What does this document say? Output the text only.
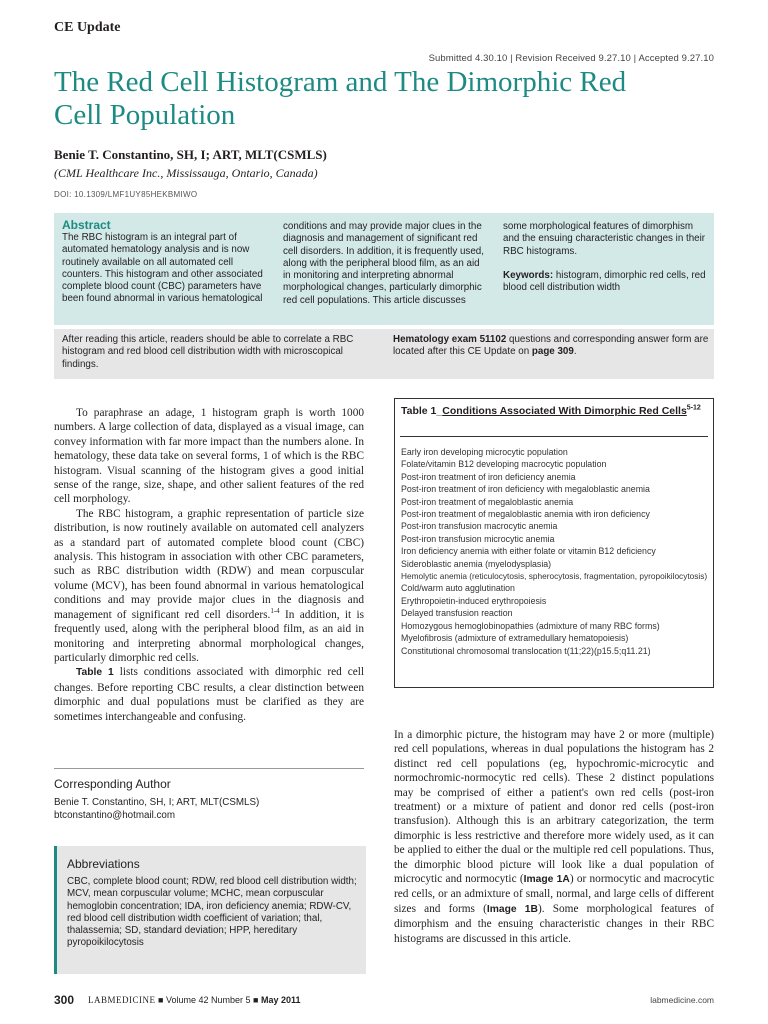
CE Update
Submitted 4.30.10 | Revision Received 9.27.10 | Accepted 9.27.10
The Red Cell Histogram and The Dimorphic Red Cell Population
Benie T. Constantino, SH, I; ART, MLT(CSMLS)
(CML Healthcare Inc., Mississauga, Ontario, Canada)
DOI: 10.1309/LMF1UY85HEKBMIWO
Abstract
The RBC histogram is an integral part of automated hematology analysis and is now routinely available on all automated cell counters. This histogram and other associated complete blood count (CBC) parameters have been found abnormal in various hematological
conditions and may provide major clues in the diagnosis and management of significant red cell disorders. In addition, it is frequently used, along with the peripheral blood film, as an aid in monitoring and interpreting abnormal morphological changes, particularly dimorphic red cell populations. This article discusses
some morphological features of dimorphism and the ensuing characteristic changes in their RBC histograms.
Keywords: histogram, dimorphic red cells, red blood cell distribution width
After reading this article, readers should be able to correlate a RBC histogram and red blood cell distribution width with microscopical findings.
Hematology exam 51102 questions and corresponding answer form are located after this CE Update on page 309.

To paraphrase an adage, 1 histogram graph is worth 1000 numbers. A large collection of data, displayed as a visual image, can convey information with far more impact than the numbers alone. In hematology, these data take on several forms, 1 of which is the RBC histogram. Visual scanning of the histogram gives a good initial sense of the range, size, shape, and other salient features of the red cell morphology.

The RBC histogram, a graphic representation of particle size distribution, is now routinely available on automated cell analyzers as a standard part of automated complete blood count (CBC) analysis. This histogram in association with other CBC parameters, such as RBC distribution width (RDW) and mean corpuscular volume (MCV), has been found abnormal in various hematological conditions and may provide major clues in the diagnosis and management of significant red cell disorders.$^{1-4}$ In addition, it is frequently used, along with the peripheral blood film, as an aid in monitoring and interpreting abnormal morphological changes, particularly dimorphic red cells.

Table 1 lists conditions associated with dimorphic red cell changes. Before reporting CBC results, a clear distinction between dimorphic and dual populations must be clarified as they are sometimes interchangeable and confusing.

Table 1_Conditions Associated With Dimorphic Red Cells$^{5-12}$
Early iron developing microcytic population
Folate/vitamin B12 developing macrocytic population
Post-iron treatment of iron deficiency anemia
Post-iron treatment of iron deficiency with megaloblastic anemia
Post-iron treatment of megaloblastic anemia
Post-iron treatment of megaloblastic anemia with iron deficiency
Post-iron transfusion macrocytic anemia
Post-iron transfusion microcytic anemia
Iron deficiency anemia with either folate or vitamin B12 deficiency
Sideroblastic anemia (myelodysplasia)
Hemolytic anemia (reticulocytosis, spherocytosis, fragmentation, pyropoikilocytosis)
Cold/warm auto agglutination
Erythropoietin-induced erythropoiesis
Delayed transfusion reaction
Homozygous hemoglobinopathies (admixture of many RBC forms)
Myelofibrosis (admixture of extramedullary hematopoiesis)
Constitutional chromosomal translocation t(11;22)(p15.5;q11.21)

In a dimorphic picture, the histogram may have 2 or more (multiple) red cell populations, whereas in dual populations the histogram has 2 distinct red cell populations (eg, hypochromic-microcytic and normochromic-normocytic red cells). These 2 distinct populations may be comprised of either a patient's own red cells (post-iron treatment) or a mixture of patient and donor red cells (post-iron transfusion). Although this is an arbitrary categorization, the term dimorphic is less restrictive and therefore more widely used, as it can be applied to either the dual or the multiple red cell populations. Thus, the dimorphic blood picture will look like a dual population of microcytic and normocytic (Image 1A) or normocytic and macrocytic red cells, or an admixture of small, normal, and large cells of different sizes and forms (Image 1B). Some morphological features of dimorphism and the ensuing characteristic changes in their RBC histograms are discussed in this article.

Corresponding Author
Benie T. Constantino, SH, I; ART, MLT(CSMLS)
btconstantino@hotmail.com
Abbreviations
CBC, complete blood count; RDW, red blood cell distribution width; MCV, mean corpuscular volume; MCHC, mean corpuscular hemoglobin concentration; IDA, iron deficiency anemia; RDW-CV, red blood cell distribution width coefficient of variation; thal, thalassemia; SD, standard deviation; HPP, hereditary pyropoikilocytosis
300 LABMEDICINE ■ Volume 42 Number 5 ■ May 2011	labmedicine.com
